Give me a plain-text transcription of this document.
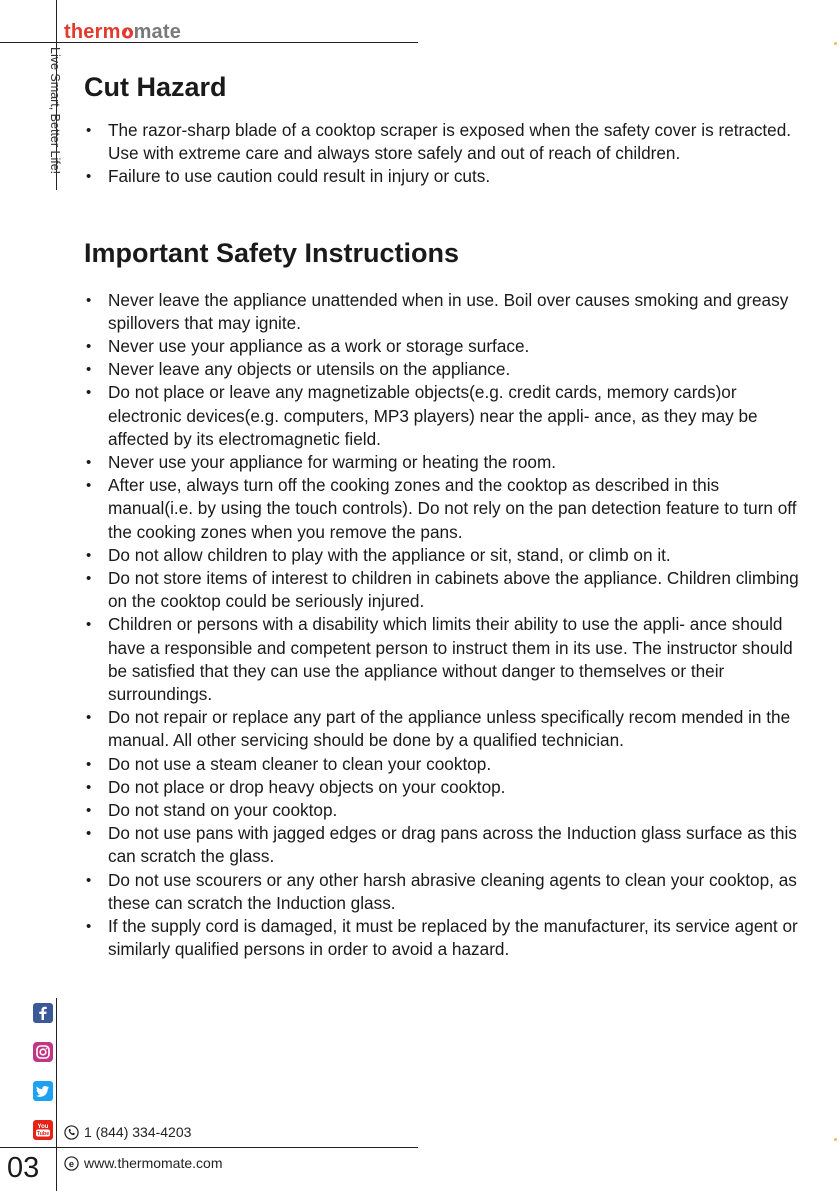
therm mate
Live Smart, Better Life! Cut Hazard
• The razor-sharp blade of a cooktop scraper is exposed when the safety cover is retracted. Use with extreme care and always store safely and out of reach of children.
• Failure to use caution could result in injury or cuts.
Important Safety Instructions
• Never leave the appliance unattended when in use. Boil over causes smoking and greasy spillovers that may ignite.
• Never use your appliance as a work or storage surface.
• Never leave any objects or utensils on the appliance.
• Do not place or leave any magnetizable objects(e.g. credit cards, memory cards)or electronic devices(e.g. computers, MP3 players) near the appli- ance, as they may be affected by its electromagnetic field.
• Never use your appliance for warming or heating the room.
• After use, always turn off the cooking zones and the cooktop as described in this manual(i.e. by using the touch controls). Do not rely on the pan detection feature to turn off the cooking zones when you remove the pans.
• Do not allow children to play with the appliance or sit, stand, or climb on it.
• Do not store items of interest to children in cabinets above the appliance. Children climbing on the cooktop could be seriously injured.
• Children or persons with a disability which limits their ability to use the appli- ance should have a responsible and competent person to instruct them in its use. The instructor should be satisfied that they can use the appliance without danger to themselves or their surroundings.
• Do not repair or replace any part of the appliance unless specifically recom mended in the manual. All other servicing should be done by a qualified technician.
• Do not use a steam cleaner to clean your cooktop.
• Do not place or drop heavy objects on your cooktop.
• Do not stand on your cooktop.
• Do not use pans with jagged edges or drag pans across the Induction glass surface as this can scratch the glass.
• Do not use scourers or any other harsh abrasive cleaning agents to clean your cooktop, as these can scratch the Induction glass.
• If the supply cord is damaged, it must be replaced by the manufacturer, its service agent or similarly qualified persons in order to avoid a hazard.
You
Tube	1 (844) 334-4203
e www.thermomate.com
03
